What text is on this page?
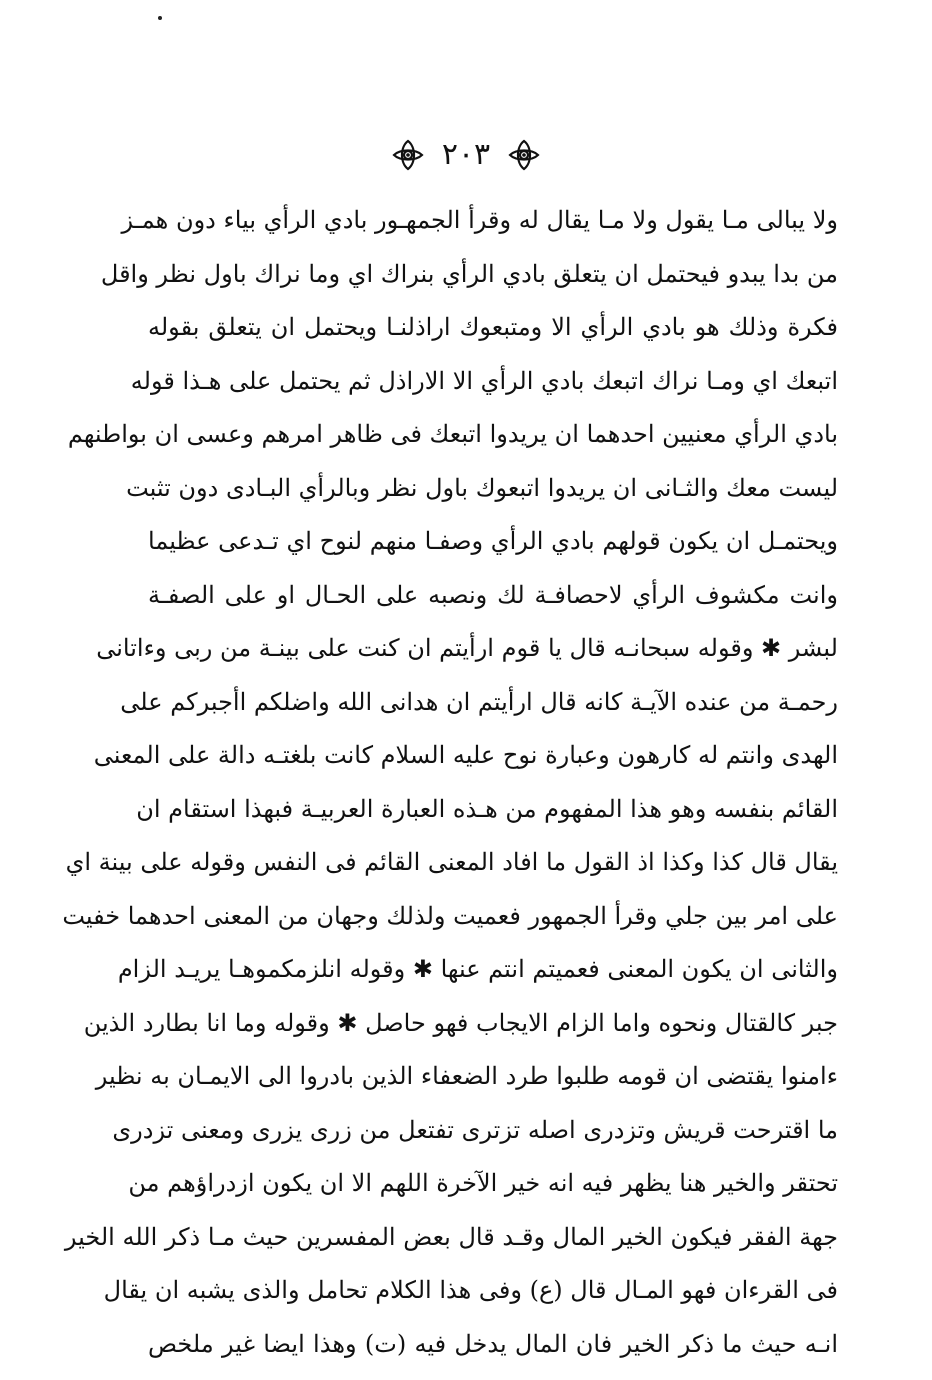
٢٠٣
ولا يبالى مـا يقول ولا مـا يقال له وقرأ الجمهـور بادي الرأي بياء دون همـز
من بدا يبدو فيحتمل ان يتعلق بادي الرأي بنراك اي وما نراك باول نظر واقل
فكرة وذلك هو بادي الرأي الا ومتبعوك اراذلنـا ويحتمل ان يتعلق بقوله
اتبعك اي ومـا نراك اتبعك بادي الرأي الا الاراذل ثم يحتمل على هـذا قوله
بادي الرأي معنيين احدهما ان يريدوا اتبعك فى ظاهر امرهم وعسى ان بواطنهم
ليست معك والثـانى ان يريدوا اتبعوك باول نظر وبالرأي البـادى دون تثبت
ويحتمـل ان يكون قولهم بادي الرأي وصفـا منهم لنوح اي تـدعى عظيما
وانت مكشوف الرأي لاحصافـة لك ونصبه على الحـال او على الصفـة
لبشر ✱ وقوله سبحانـه قال يا قوم ارأيتم ان كنت على بينـة من ربى وءاتانى
رحمـة من عنده الآيـة كانه قال ارأيتم ان هدانى الله واضلكم اأجبركم على
الهدى وانتم له كارهون وعبارة نوح عليه السلام كانت بلغتـه دالة على المعنى
القائم بنفسه وهو هذا المفهوم من هـذه العبارة العربيـة فبهذا استقام ان
يقال قال كذا وكذا اذ القول ما افاد المعنى القائم فى النفس وقوله على بينة اي
على امر بين جلي وقرأ الجمهور فعميت ولذلك وجهان من المعنى احدهما خفيت
والثانى ان يكون المعنى فعميتم انتم عنها ✱ وقوله انلزمكموهـا يريـد الزام
جبر كالقتال ونحوه واما الزام الايجاب فهو حاصل ✱ وقوله وما انا بطارد الذين
ءامنوا يقتضى ان قومه طلبوا طرد الضعفاء الذين بادروا الى الايمـان به نظير
ما اقترحت قريش وتزدرى اصله تزترى تفتعل من زرى يزرى ومعنى تزدرى
تحتقر والخير هنا يظهر فيه انه خير الآخرة اللهم الا ان يكون ازدراؤهم من
جهة الفقر فيكون الخير المال وقـد قال بعض المفسرين حيث مـا ذكر الله الخير
فى القرءان فهو المـال قال (ع) وفى هذا الكلام تحامل والذى يشبه ان يقال
انـه حيث ما ذكر الخير فان المال يدخل فيه (ت) وهذا ايضا غير ملخص
